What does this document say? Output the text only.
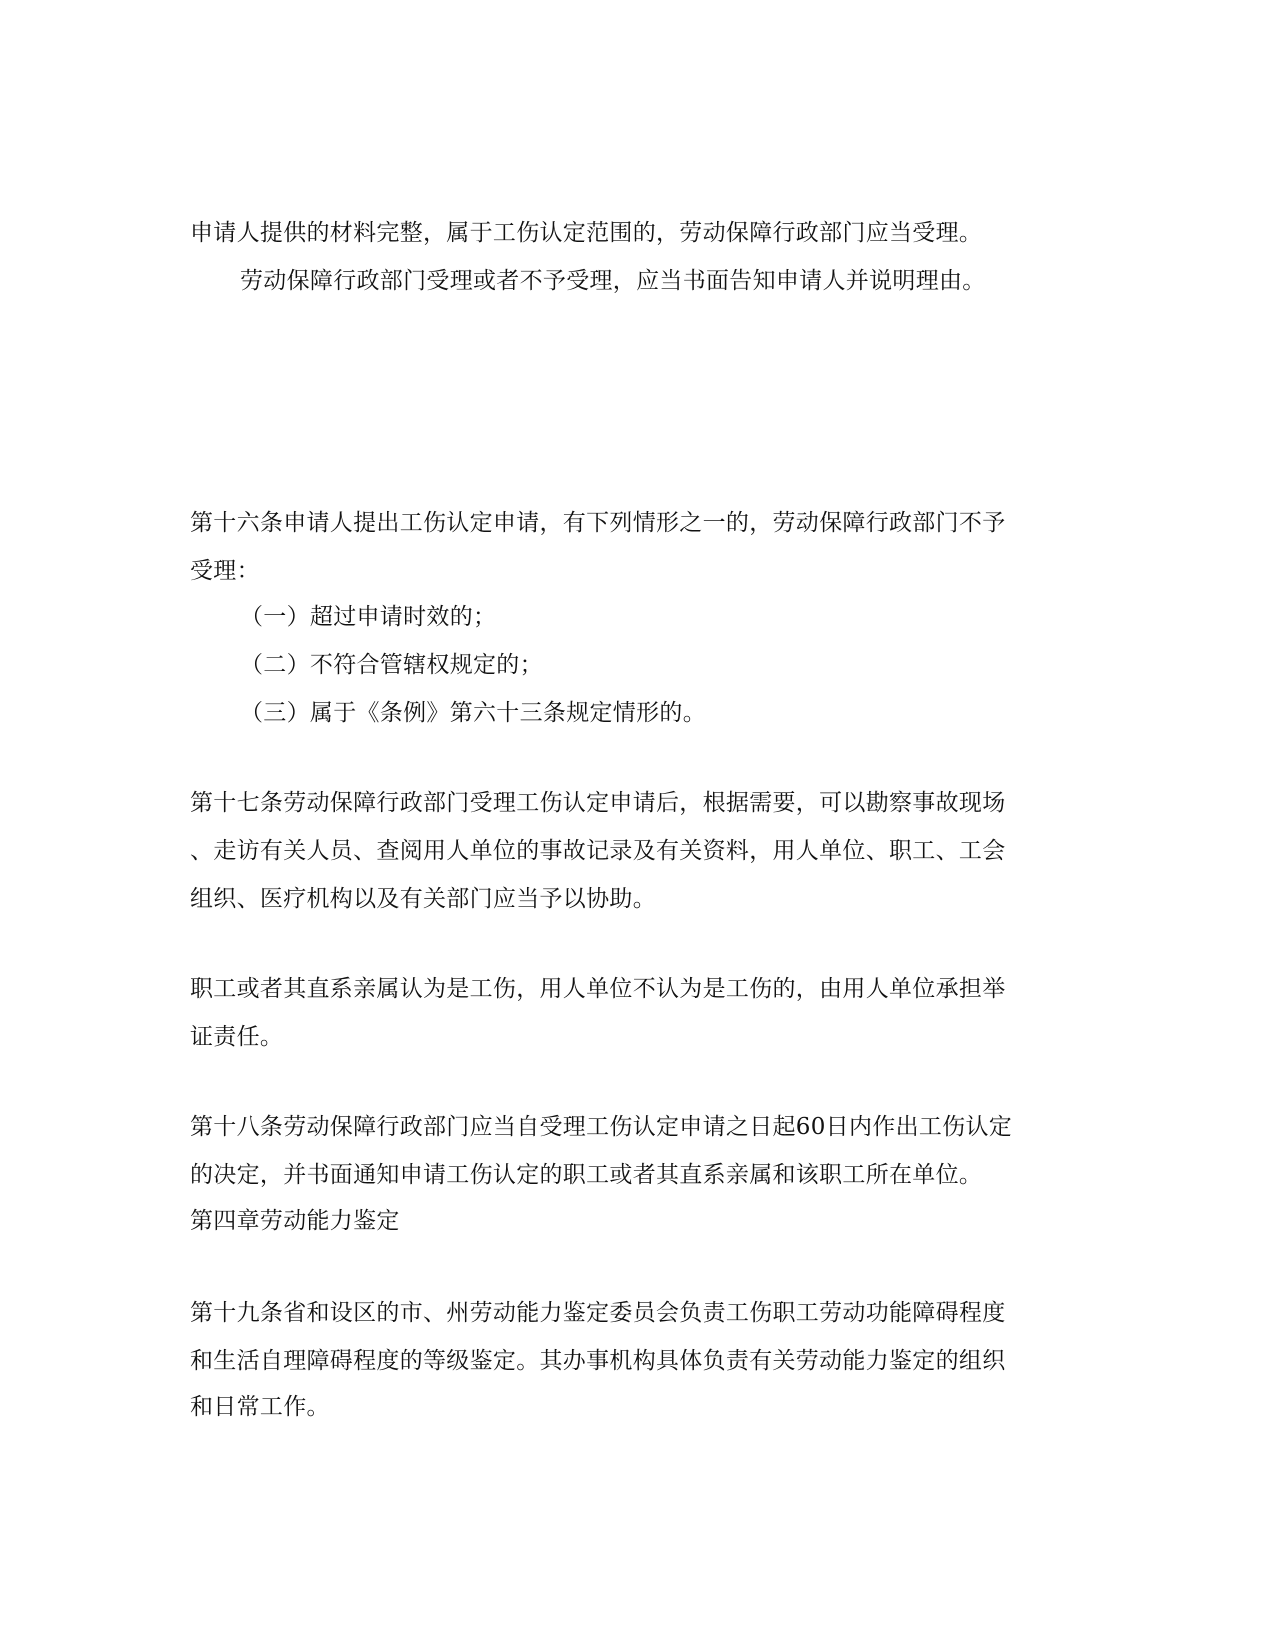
申请人提供的材料完整，属于工伤认定范围的，劳动保障行政部门应当受理。
劳动保障行政部门受理或者不予受理，应当书面告知申请人并说明理由。
第十六条申请人提出工伤认定申请，有下列情形之一的，劳动保障行政部门不予
受理：
（一）超过申请时效的；
（二）不符合管辖权规定的；
（三）属于《条例》第六十三条规定情形的。
第十七条劳动保障行政部门受理工伤认定申请后，根据需要，可以勘察事故现场
、走访有关人员、查阅用人单位的事故记录及有关资料，用人单位、职工、工会
组织、医疗机构以及有关部门应当予以协助。
职工或者其直系亲属认为是工伤，用人单位不认为是工伤的，由用人单位承担举
证责任。
第十八条劳动保障行政部门应当自受理工伤认定申请之日起60日内作出工伤认定
的决定，并书面通知申请工伤认定的职工或者其直系亲属和该职工所在单位。
第四章劳动能力鉴定
第十九条省和设区的市、州劳动能力鉴定委员会负责工伤职工劳动功能障碍程度
和生活自理障碍程度的等级鉴定。其办事机构具体负责有关劳动能力鉴定的组织
和日常工作。
